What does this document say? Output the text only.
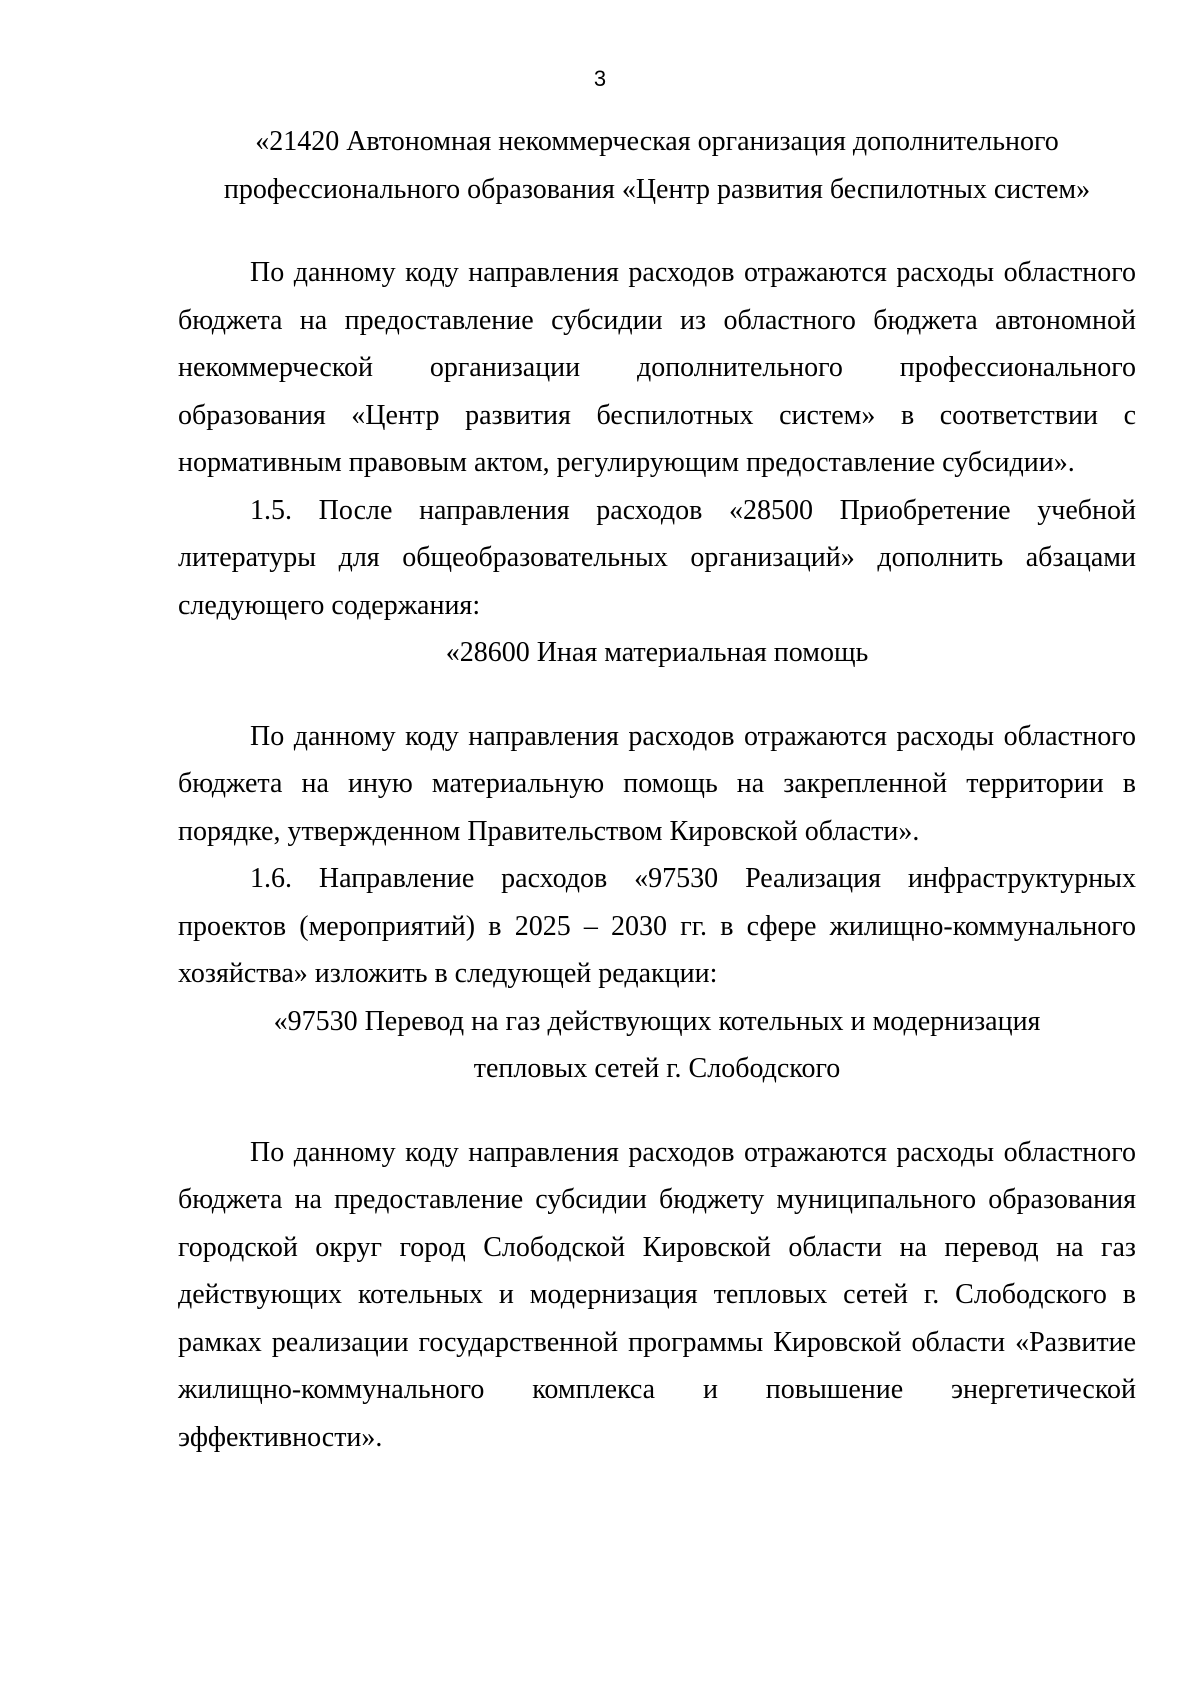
3
«21420 Автономная некоммерческая организация дополнительного
профессионального образования «Центр развития беспилотных систем»

По данному коду направления расходов отражаются расходы областного бюджета на предоставление субсидии из областного бюджета автономной некоммерческой организации дополнительного профессионального образования «Центр развития беспилотных систем» в соответствии с нормативным правовым актом, регулирующим предоставление субсидии».

1.5. После направления расходов «28500 Приобретение учебной литературы для общеобразовательных организаций» дополнить абзацами следующего содержания:

«28600 Иная материальная помощь

По данному коду направления расходов отражаются расходы областного бюджета на иную материальную помощь на закрепленной территории в порядке, утвержденном Правительством Кировской области».

1.6. Направление расходов «97530 Реализация инфраструктурных проектов (мероприятий) в 2025 – 2030 гг. в сфере жилищно-коммунального хозяйства» изложить в следующей редакции:

«97530 Перевод на газ действующих котельных и модернизация
тепловых сетей г. Слободского

По данному коду направления расходов отражаются расходы областного бюджета на предоставление субсидии бюджету муниципального образования городской округ город Слободской Кировской области на перевод на газ действующих котельных и модернизация тепловых сетей г. Слободского в рамках реализации государственной программы Кировской области «Развитие жилищно-коммунального комплекса и повышение энергетической эффективности».
